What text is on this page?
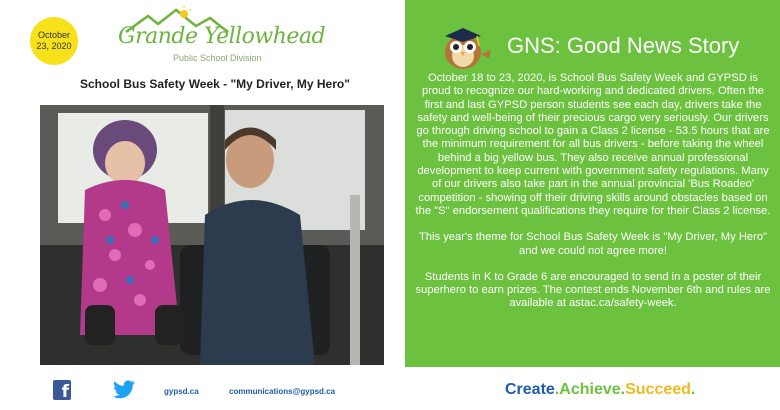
October
23, 2020 Grande Yellowhead
Public School Division
School Bus Safety Week - "My Driver, My Hero"
GNS: Good News Story

October 18 to 23, 2020, is School Bus Safety Week and GYPSD is proud to recognize our hard-working and dedicated drivers. Often the first and last GYPSD person students see each day, drivers take the safety and well-being of their precious cargo very seriously. Our drivers go through driving school to gain a Class 2 license - 53.5 hours that are the minimum requirement for all bus drivers - before taking the wheel behind a big yellow bus. They also receive annual professional development to keep current with government safety regulations. Many of our drivers also take part in the annual provincial 'Bus Roadeo' competition - showing off their driving skills around obstacles based on the "S" endorsement qualifications they require for their Class 2 license.

This year's theme for School Bus Safety Week is "My Driver, My Hero" and we could not agree more!

Students in K to Grade 6 are encouraged to send in a poster of their superhero to earn prizes. The contest ends November 6th and rules are available at astac.ca/safety-week.

f	gypsd.ca	communications@gypsd.ca	Create.Achieve.Succeed.
